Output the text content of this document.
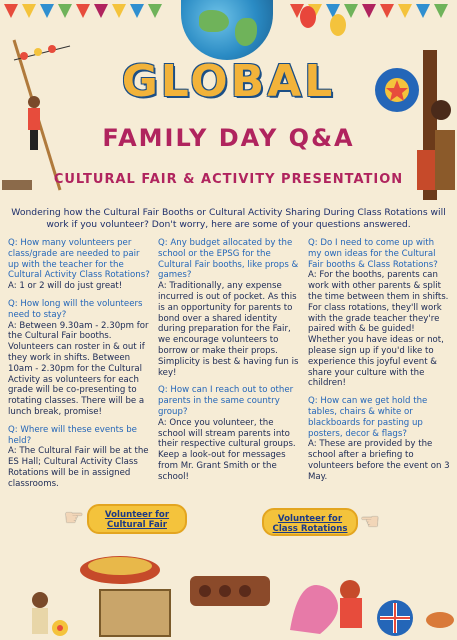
GLOBAL
FAMILY DAY Q&A
CULTURAL FAIR & ACTIVITY PRESENTATION
Wondering how the Cultural Fair Booths or Cultural Activity Sharing During Class Rotations will work if you volunteer? Don't worry, here are some of your questions answered.
Q: How many volunteers per class/grade are needed to pair up with the teacher for the Cultural Activity Class Rotations?
A: 1 or 2 will do just great!
Q: How long will the volunteers need to stay?
A: Between 9.30am - 2.30pm for the Cultural Fair booths. Volunteers can roster in & out if they work in shifts. Between 10am - 2.30pm for the Cultural Activity as volunteers for each grade will be co-presenting to rotating classes. There will be a lunch break, promise!
Q: Where will these events be held?
A: The Cultural Fair will be at the ES Hall; Cultural Activity Class Rotations will be in assigned classrooms.
Q: Any budget allocated by the school or the EPSG for the Cultural Fair booths, like props & games?
A: Traditionally, any expense incurred is out of pocket. As this is an opportunity for parents to bond over a shared identity during preparation for the Fair, we encourage volunteers to borrow or make their props. Simplicity is best & having fun is key!
Q: How can I reach out to other parents in the same country group?
A: Once you volunteer, the school will stream parents into their respective cultural groups. Keep a look-out for messages from Mr. Grant Smith or the school!
Q: Do I need to come up with my own ideas for the Cultural Fair booths & Class Rotations?
A: For the booths, parents can work with other parents & split the time between them in shifts. For class rotations, they'll work with the grade teacher they're paired with & be guided! Whether you have ideas or not, please sign up if you'd like to experience this joyful event & share your culture with the children!
Q: How can we get hold the tables, chairs & white or blackboards for pasting up posters, decor & flags?
A: These are provided by the school after a briefing to volunteers before the event on 3 May.
Volunteer for Cultural Fair
☛	Volunteer for Class Rotations ☛
